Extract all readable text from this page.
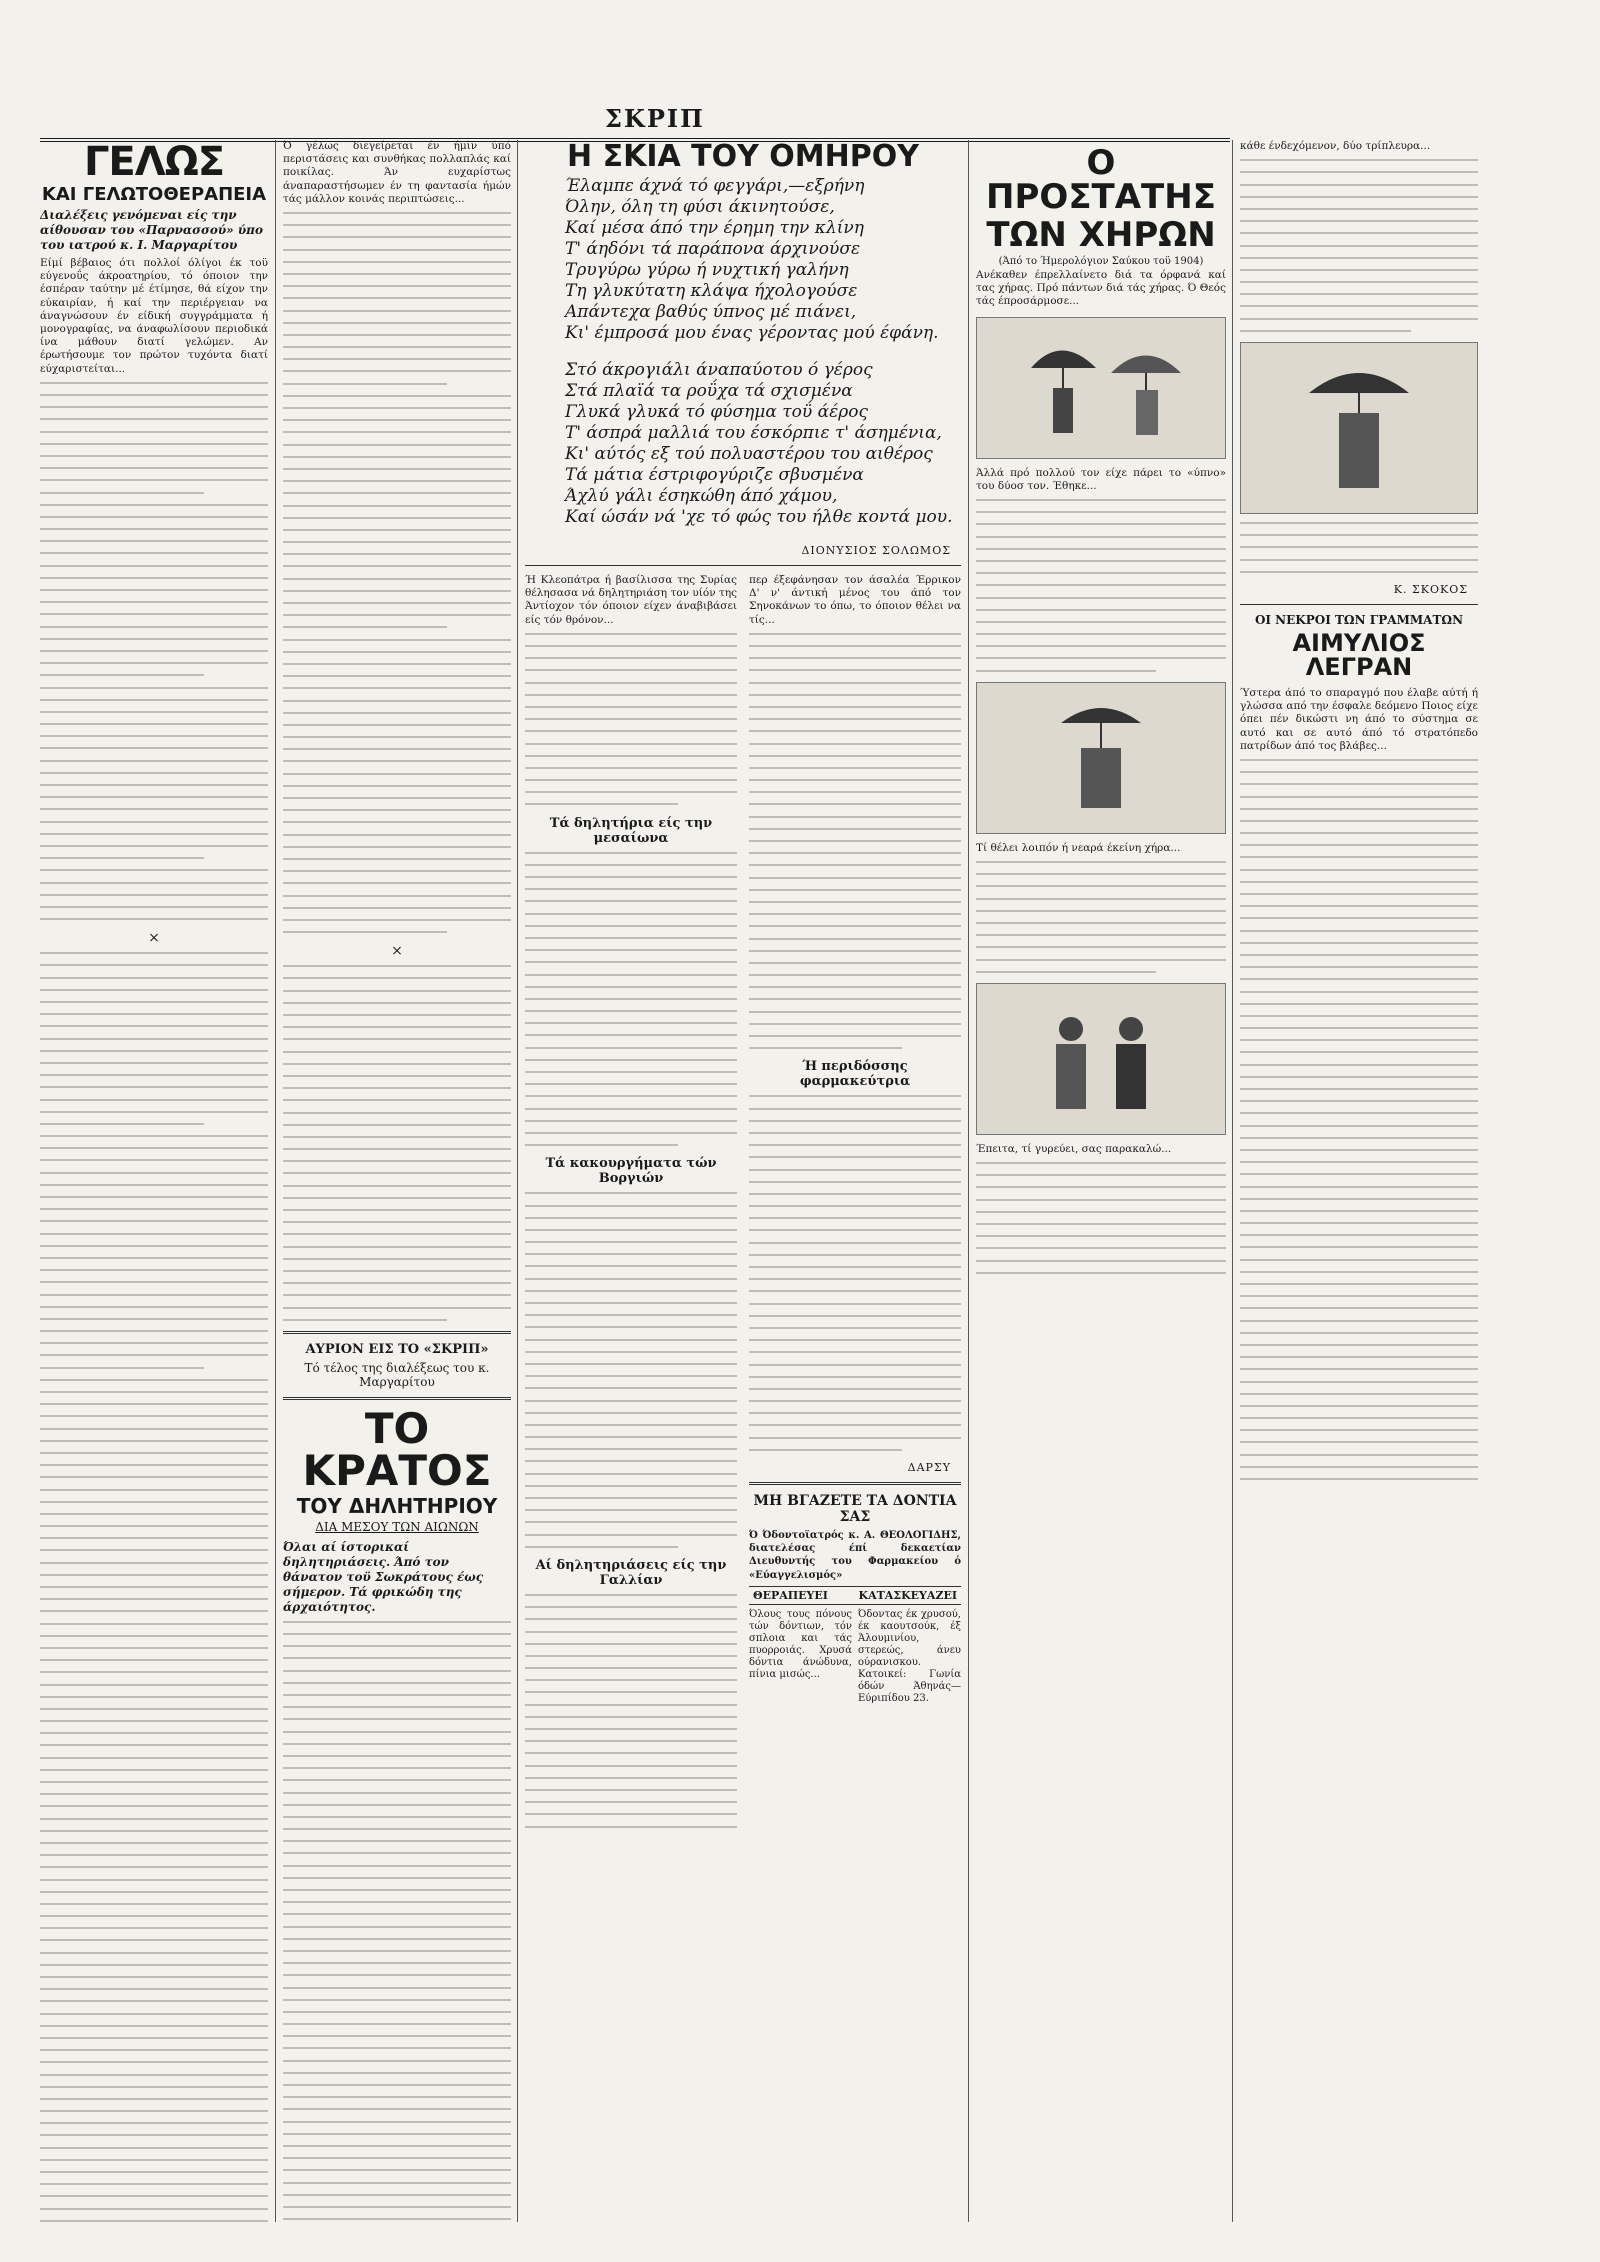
ΣΚΡΙΠ
ΓΕΛΩΣ
ΚΑΙ ΓΕΛΩΤΟΘΕΡΑΠΕΙΑ

Διαλέξεις γενόμεναι είς την αίθουσαν του «Παρνασσού» ύπο του ιατρού κ. Ι. Μαργαρίτου

Είμί βέβαιος ότι πολλοί όλίγοι έκ τοϋ εύγενοΰς άκροατηρίου, τό όποιον την έσπέραν ταύτην μέ έτίμησε, θά είχον την εύκαιρίαν, ή καί την περιέργειαν να άναγνώσουν έν είδική συγγράμματα ή μονογραφίας, να άναφωλίσουν περιοδικά ίνα μάθουν διατί γελώμεν. Αν έρωτήσουμε τον πρώτον τυχόντα διατί εύχαριστείται...

×

Ό γέλως διεγείρεται έν ήμΐν ύπό περιστάσεις και συνθήκας πολλαπλάς καί ποικίλας. Άν ευχαρίστως άναπαραστήσωμεν έν τη φαντασία ήμών τάς μάλλον κοινάς περιπτώσεις...

×
ΑΥΡΙΟΝ ΕΙΣ ΤΟ «ΣΚΡΙΠ»
Τό τέλος της διαλέξεως του κ. Μαργαρίτου
ΤΟ ΚΡΑΤΟΣ
ΤΟΥ ΔΗΛΗΤΗΡΙΟΥ
ΔΙΑ ΜΕΣΟΥ ΤΩΝ ΑΙΩΝΩΝ

Όλαι αί ίστορικαί δηλητηριάσεις. Άπό τον θάνατον τοϋ Σωκράτους έως σήμερον. Τά φρικώδη της άρχαιότητος.

Η ΣΚΙΑ ΤΟΥ ΟΜΗΡΟΥ
Έλαμπε άχνά τό φεγγάρι,—εξρήνη
Όλην, όλη τη φύσι άκινητούσε,
Καί μέσα άπό την έρημη την κλίνη
Τ' άηδόνι τά παράπονα άρχινούσε
Τρυγύρω γύρω ή νυχτική γαλήνη
Τη γλυκύτατη κλάψα ήχολογούσε
Απάντεχα βαθύς ύπνος μέ πιάνει,
Κι' έμπροσά μου ένας γέροντας μού έφάνη.
Στό άκρογιάλι άναπαύοτου ό γέρος
Στά πλαϊά τα ροΰχα τά σχισμένα
Γλυκά γλυκά τό φύσημα τοΰ άέρος
Τ' άσπρά μαλλιά του έσκόρπιε τ' άσημένια,
Κι' αύτός εξ τού πολυαστέρου του αιθέρος
Τά μάτια έστριφογύριζε σβυσμένα
Άχλύ γάλι έσηκώθη άπό χάμου,
Καί ώσάν νά 'χε τό φώς του ήλθε κοντά μου.
ΔΙΟΝΥΣΙΟΣ ΣΟΛΩΜΟΣ

Ή Κλεοπάτρα ή βασίλισσα της Συρίας θέλησασα νά δηλητηριάση τον υίόν της Άντίοχον τόν όποιον είχεν άναβιβάσει είς τόν θρόνον...

Τά δηλητήρια είς την μεσαίωνα
Τά κακουργήματα τών Βοργιών
Αί δηλητηριάσεις είς την Γαλλίαν

περ έξεφάνησαν τον άσαλέα Έρρικον Δ' ν' άντική μένος του άπό τον Σηνοκάνων το όπω, το όποιον θέλει να τίς...

Ή περιδόσσης φαρμακεύτρια
ΔΑΡΣΥ
ΜΗ ΒΓΑΖΕΤΕ ΤΑ ΔΟΝΤΙΑ ΣΑΣ

Ό Όδοντοϊατρός κ. Α. ΘΕΟΛΟΓΙΔΗΣ, διατελέσας έπί δεκαετίαν Διευθυντής του Φαρμακείου ό «Εύαγγελισμός»

ΘΕΡΑΠΕΥΕΙ	ΚΑΤΑΣΚΕΥΑΖΕΙ
Όλους τους πόνους τών δόντιων, τόν σπλοια και τάς πυορροιάς. Χρυσά δόντια άνώδυνα, πίνια μισώς...
Όδοντας έκ χρυσού, έκ καουτσούκ, έξ Άλουμινίου, στερεώς, άνευ ούρανισκου. Κατοικεί: Γωνία όδών Άθηνάς—Εύριπίδου 23.
Ο ΠΡΟΣΤΑΤΗΣ
ΤΩΝ ΧΗΡΩΝ
(Άπό το Ήμερολόγιον Σαύκου τοϋ 1904)

Ανέκαθεν έπρελλαίνετο διά τα όρφανά καί τας χήρας. Πρό πάντων διά τάς χήρας. Ό Θεός τάς έπροσάρμοσε...

Άλλά πρό πολλού τον είχε πάρει το «ύπνο» του δύοσ τον. Έθηκε...

Τί θέλει λοιπόν ή νεαρά έκείνη χήρα...

Έπειτα, τί γυρεύει, σας παρακαλώ...

κάθε ένδεχόμενον, δύο τρίπλευρα...

Κ. ΣΚΟΚΟΣ
ΟΙ ΝΕΚΡΟΙ ΤΩΝ ΓΡΑΜΜΑΤΩΝ
ΑΙΜΥΛΙΟΣ ΛΕΓΡΑΝ

Ύστερα άπό το σπαραγμό που έλαβε αύτή ή γλώσσα από την έσφαλε δεόμενο Ποιος είχε όπει πέν δικώστι νη άπό το σύστημα σε αυτό και σε αυτό άπό τό στρατόπεδο πατρίδων άπό τος βλάβες...
